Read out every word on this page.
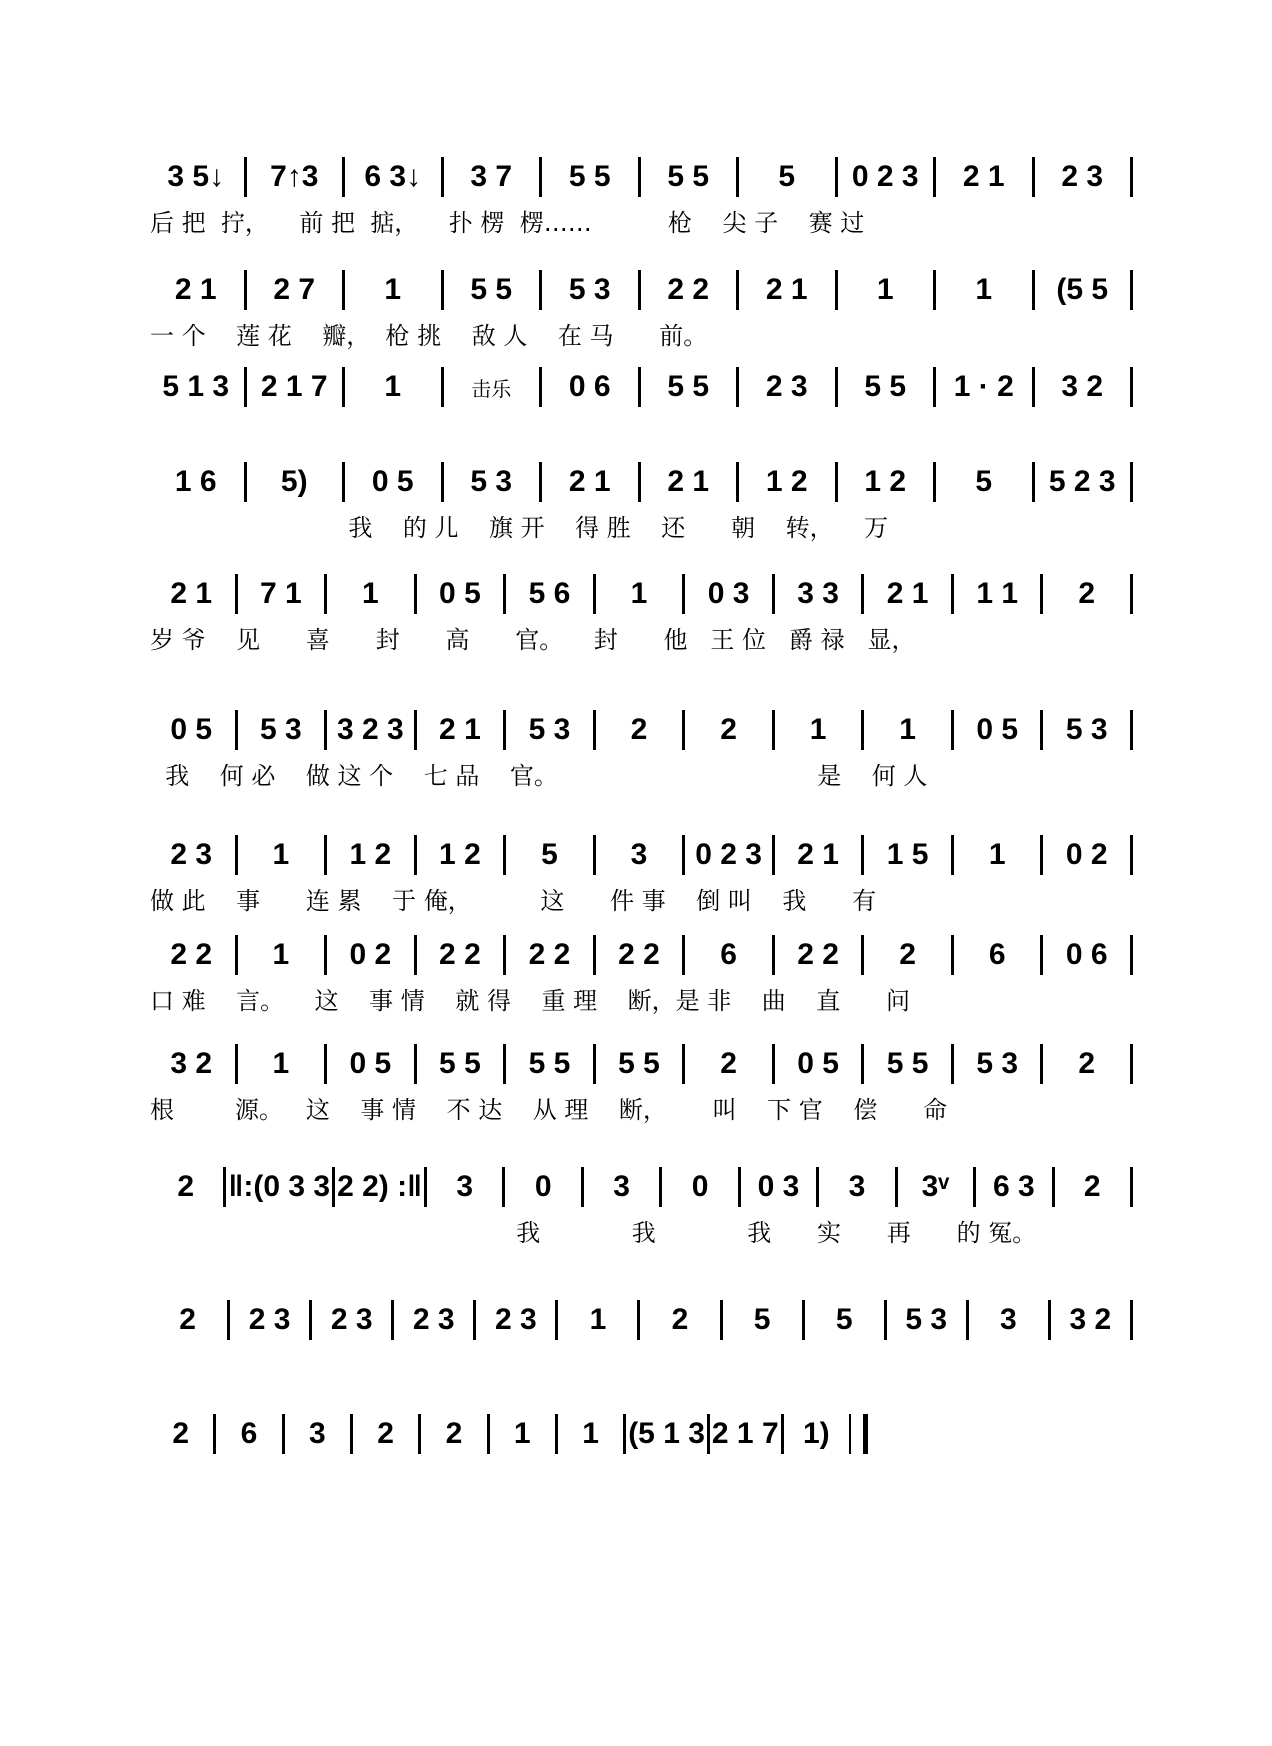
3 5↓	7↑3	6 3↓	3 7	5 5	5 5	5	0 2 3	2 1	2 3
后 把  拧，    前 把  掂，    扑 楞  楞……          枪    尖 子    赛 过
2 1	2 7	1	5 5	5 3	2 2	2 1	1	1	(5 5
一 个    莲 花    瓣，  枪 挑    敌 人    在 马      前。
5 1 3	2 1 7	1	击乐	0 6	5 5	2 3	5 5	1 · 2	3 2
1 6	5)	0 5	5 3	2 1	2 1	1 2	1 2	5	5 2 3
我    的 儿    旗 开    得 胜    还      朝    转，    万
2 1	7 1	1	0 5	5 6	1	0 3	3 3	2 1	1 1	2
岁 爷    见      喜      封      高      官。    封      他   王 位   爵 禄   显，
0 5	5 3	3 2 3	2 1	5 3	2	2	1	1	0 5	5 3
我    何 必    做 这 个    七 品    官。                                  是    何 人
2 3	1	1 2	1 2	5	3	0 2 3	2 1	1 5	1	0 2
做 此    事      连 累    于 俺，         这      件 事    倒 叫    我      有
2 2	1	0 2	2 2	2 2	2 2	6	2 2	2	6	0 6
口 难    言。    这    事 情    就 得    重 理    断，是 非    曲    直      问
3 2	1	0 5	5 5	5 5	5 5	2	0 5	5 5	5 3	2
根        源。   这    事 情    不 达    从 理    断，      叫    下 官    偿      命
2	‖:(0 3 3 2 2) :‖	3	0	3	0	0 3	3	3ᵛ	6 3	2
我            我            我      实      再      的 冤。
2	2 3	2 3	2 3	2 3	1	2	5	5	5 3	3	3 2
2	6	3	2	2	1	1 (5 1 3 2 1 7 1)
